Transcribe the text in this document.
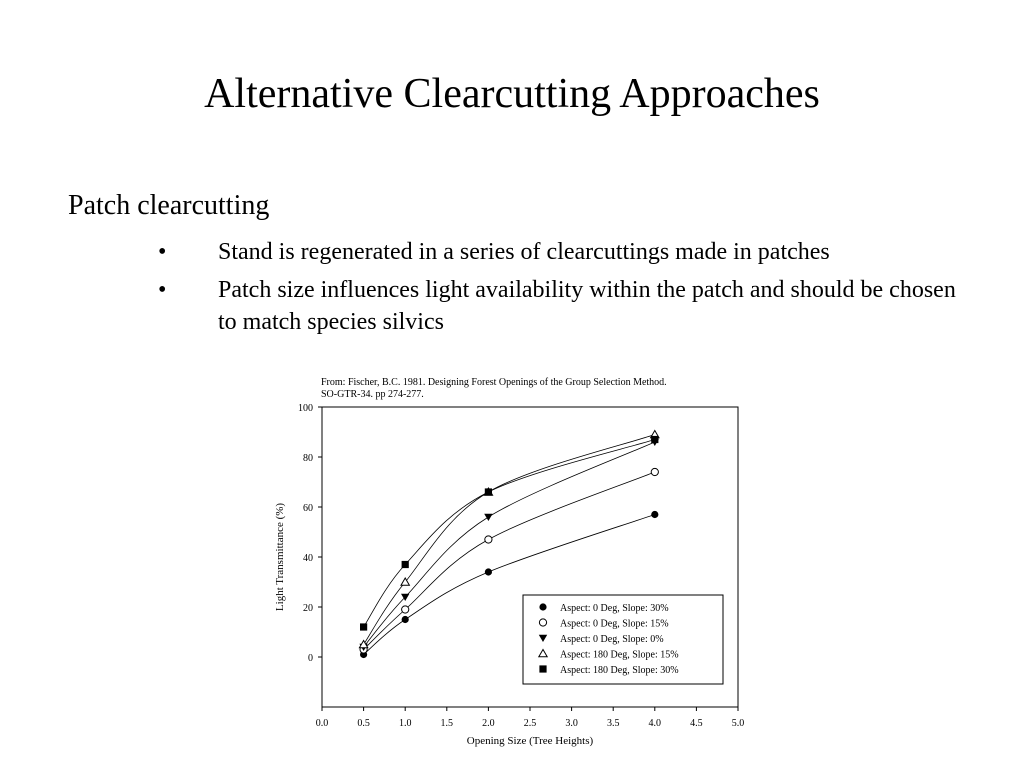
Alternative Clearcutting Approaches
Patch clearcutting
• Stand is regenerated in a series of clearcuttings made in patches
• Patch size influences light availability within the patch and should be chosen to match species silvics
From: Fischer, B.C. 1981. Designing Forest Openings of the Group Selection Method.
SO-GTR-34. pp 274-277.
0.0	0.5	1.0	1.5	2.0	2.5	3.0	3.5	4.0	4.5	5.0
0
20
40
60
80
100
Opening Size (Tree Heights)
Light Transmittance (%)	Aspect: 0 Deg, Slope: 30%
Aspect: 0 Deg, Slope: 15%
Aspect: 0 Deg, Slope: 0%
Aspect: 180 Deg, Slope: 15%
Aspect: 180 Deg, Slope: 30%
